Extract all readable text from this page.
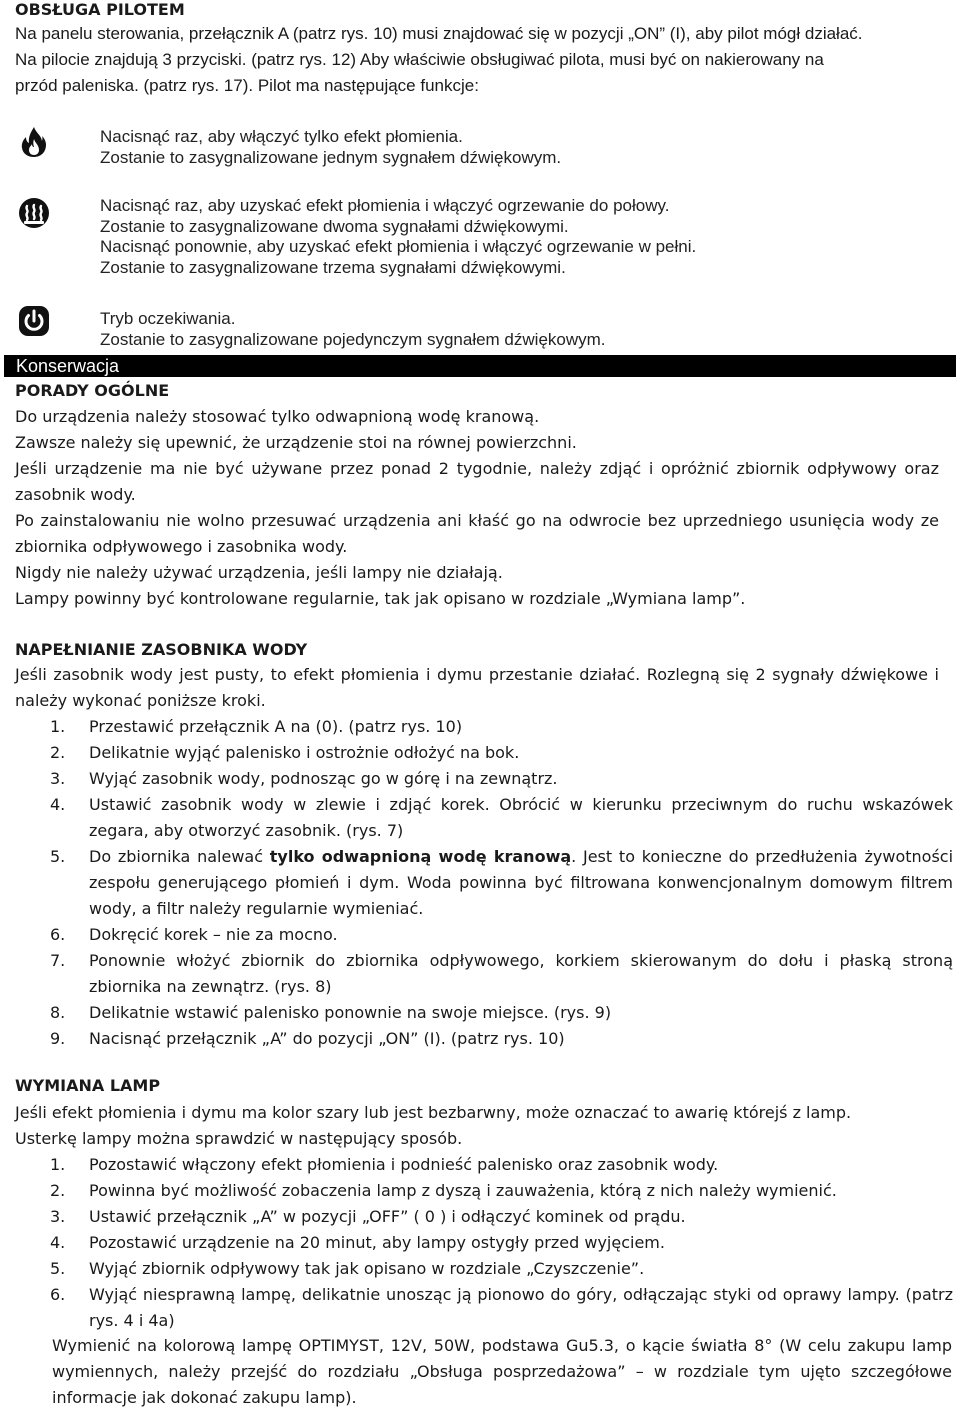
OBSŁUGA PILOTEM
Na panelu sterowania, przełącznik A (patrz rys. 10) musi znajdować się w pozycji „ON” (I), aby pilot mógł działać.
Na pilocie znajdują 3 przyciski. (patrz rys. 12) Aby właściwie obsługiwać pilota, musi być on nakierowany na
przód paleniska. (patrz rys. 17). Pilot ma następujące funkcje:
Nacisnąć raz, aby włączyć tylko efekt płomienia.
Zostanie to zasygnalizowane jednym sygnałem dźwiękowym.
Nacisnąć raz, aby uzyskać efekt płomienia i włączyć ogrzewanie do połowy.
Zostanie to zasygnalizowane dwoma sygnałami dźwiękowymi.
Nacisnąć ponownie, aby uzyskać efekt płomienia i włączyć ogrzewanie w pełni.
Zostanie to zasygnalizowane trzema sygnałami dźwiękowymi.
Tryb oczekiwania.
Zostanie to zasygnalizowane pojedynczym sygnałem dźwiękowym.
Konserwacja
PORADY OGÓLNE
Do urządzenia należy stosować tylko odwapnioną wodę kranową.
Zawsze należy się upewnić, że urządzenie stoi na równej powierzchni.
Jeśli urządzenie ma nie być używane przez ponad 2 tygodnie, należy zdjąć i opróżnić zbiornik odpływowy oraz zasobnik wody.
Po zainstalowaniu nie wolno przesuwać urządzenia ani kłaść go na odwrocie bez uprzedniego usunięcia wody ze zbiornika odpływowego i zasobnika wody.
Nigdy nie należy używać urządzenia, jeśli lampy nie działają.
Lampy powinny być kontrolowane regularnie, tak jak opisano w rozdziale „Wymiana lamp”.
NAPEŁNIANIE ZASOBNIKA WODY
Jeśli zasobnik wody jest pusty, to efekt płomienia i dymu przestanie działać. Rozlegną się 2 sygnały dźwiękowe i należy wykonać poniższe kroki.
1. Przestawić przełącznik A na (0). (patrz rys. 10)
2. Delikatnie wyjąć palenisko i ostrożnie odłożyć na bok.
3. Wyjąć zasobnik wody, podnosząc go w górę i na zewnątrz.
4. Ustawić zasobnik wody w zlewie i zdjąć korek. Obrócić w kierunku przeciwnym do ruchu wskazówek zegara, aby otworzyć zasobnik. (rys. 7)
5. Do zbiornika nalewać tylko odwapnioną wodę kranową. Jest to konieczne do przedłużenia żywotności zespołu generującego płomień i dym. Woda powinna być filtrowana konwencjonalnym domowym filtrem wody, a filtr należy regularnie wymieniać.
6. Dokręcić korek – nie za mocno.
7. Ponownie włożyć zbiornik do zbiornika odpływowego, korkiem skierowanym do dołu i płaską stroną zbiornika na zewnątrz. (rys. 8)
8. Delikatnie wstawić palenisko ponownie na swoje miejsce. (rys. 9)
9. Nacisnąć przełącznik „A” do pozycji „ON” (I). (patrz rys. 10)
WYMIANA LAMP
Jeśli efekt płomienia i dymu ma kolor szary lub jest bezbarwny, może oznaczać to awarię którejś z lamp.
Usterkę lampy można sprawdzić w następujący sposób.
1. Pozostawić włączony efekt płomienia i podnieść palenisko oraz zasobnik wody.
2. Powinna być możliwość zobaczenia lamp z dyszą i zauważenia, którą z nich należy wymienić.
3. Ustawić przełącznik „A” w pozycji „OFF” ( 0 ) i odłączyć kominek od prądu.
4. Pozostawić urządzenie na 20 minut, aby lampy ostygły przed wyjęciem.
5. Wyjąć zbiornik odpływowy tak jak opisano w rozdziale „Czyszczenie”.
6. Wyjąć niesprawną lampę, delikatnie unosząc ją pionowo do góry, odłączając styki od oprawy lampy. (patrz rys. 4 i 4a)
Wymienić na kolorową lampę OPTIMYST, 12V, 50W, podstawa Gu5.3, o kącie światła 8° (W celu zakupu lamp wymiennych, należy przejść do rozdziału „Obsługa posprzedażowa” – w rozdziale tym ujęto szczegółowe informacje jak dokonać zakupu lamp).
